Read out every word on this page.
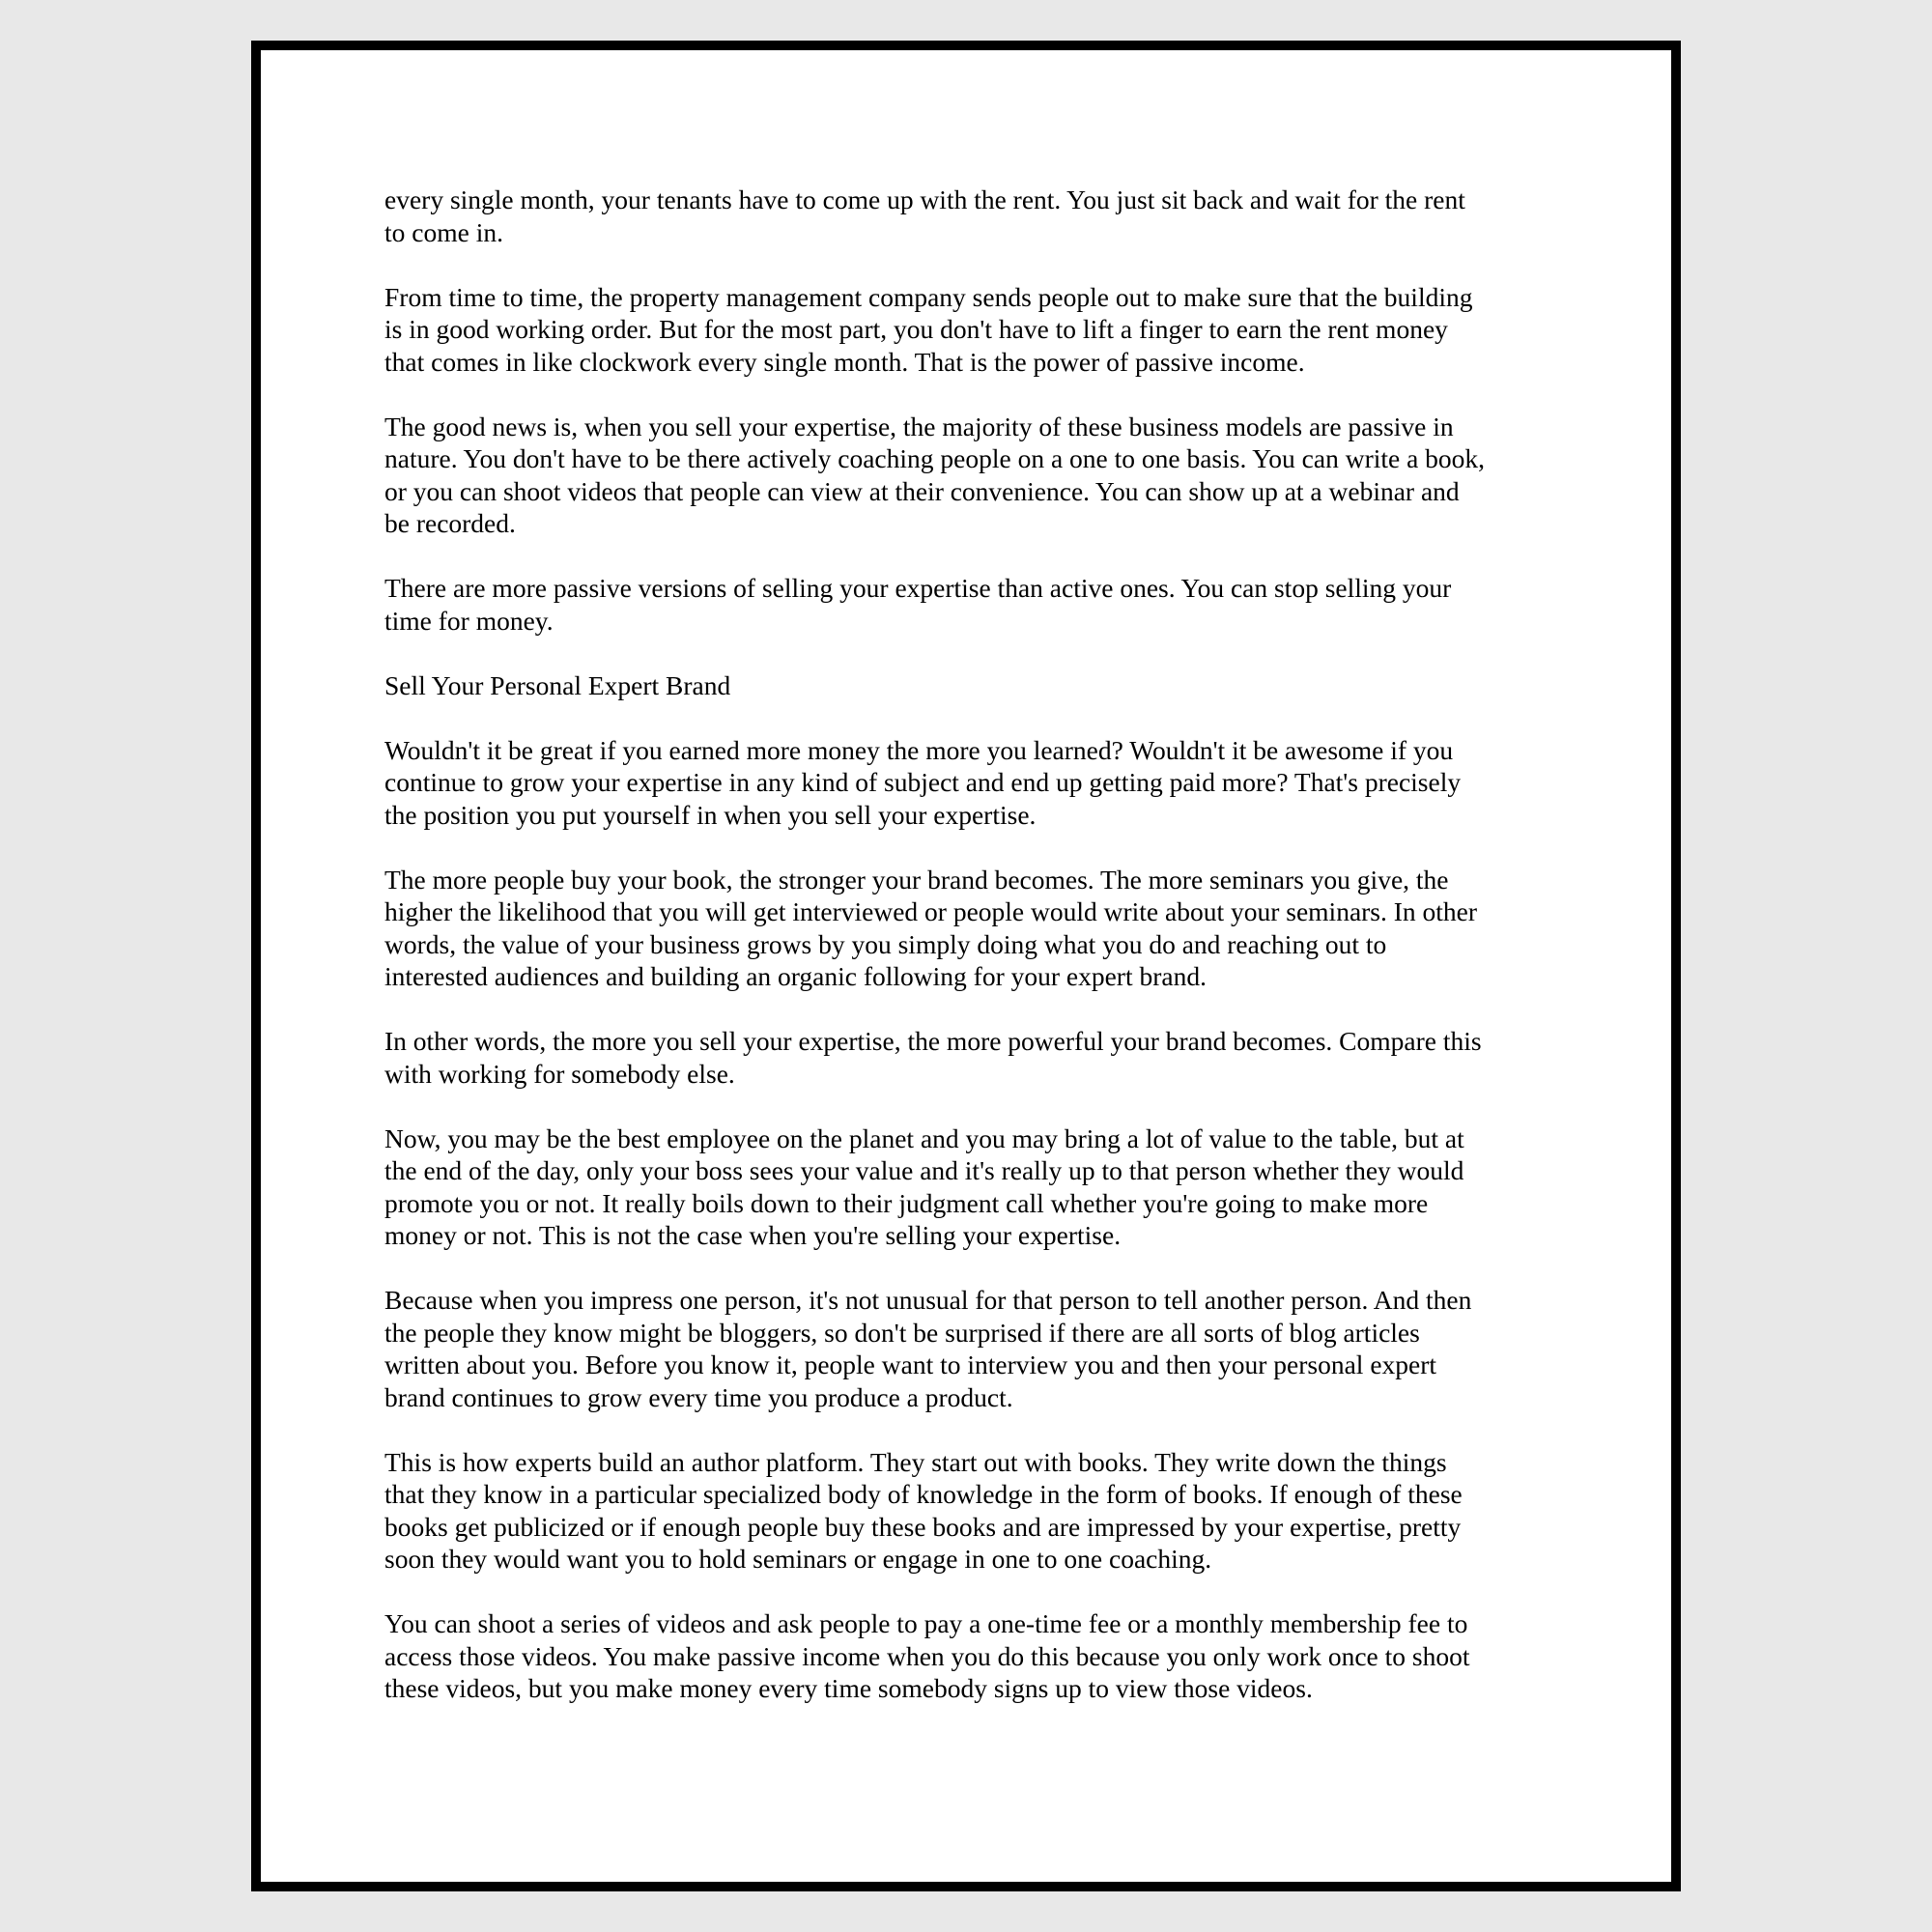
every single month, your tenants have to come up with the rent. You just sit back and wait for the rent
to come in.

From time to time, the property management company sends people out to make sure that the building
is in good working order. But for the most part, you don't have to lift a finger to earn the rent money
that comes in like clockwork every single month. That is the power of passive income.

The good news is, when you sell your expertise, the majority of these business models are passive in
nature. You don't have to be there actively coaching people on a one to one basis. You can write a book,
or you can shoot videos that people can view at their convenience. You can show up at a webinar and
be recorded.

There are more passive versions of selling your expertise than active ones. You can stop selling your
time for money.

Sell Your Personal Expert Brand

Wouldn't it be great if you earned more money the more you learned? Wouldn't it be awesome if you
continue to grow your expertise in any kind of subject and end up getting paid more? That's precisely
the position you put yourself in when you sell your expertise.

The more people buy your book, the stronger your brand becomes. The more seminars you give, the
higher the likelihood that you will get interviewed or people would write about your seminars. In other
words, the value of your business grows by you simply doing what you do and reaching out to
interested audiences and building an organic following for your expert brand.

In other words, the more you sell your expertise, the more powerful your brand becomes. Compare this
with working for somebody else.

Now, you may be the best employee on the planet and you may bring a lot of value to the table, but at
the end of the day, only your boss sees your value and it's really up to that person whether they would
promote you or not. It really boils down to their judgment call whether you're going to make more
money or not. This is not the case when you're selling your expertise.

Because when you impress one person, it's not unusual for that person to tell another person. And then
the people they know might be bloggers, so don't be surprised if there are all sorts of blog articles
written about you. Before you know it, people want to interview you and then your personal expert
brand continues to grow every time you produce a product.

This is how experts build an author platform. They start out with books. They write down the things
that they know in a particular specialized body of knowledge in the form of books. If enough of these
books get publicized or if enough people buy these books and are impressed by your expertise, pretty
soon they would want you to hold seminars or engage in one to one coaching.

You can shoot a series of videos and ask people to pay a one-time fee or a monthly membership fee to
access those videos. You make passive income when you do this because you only work once to shoot
these videos, but you make money every time somebody signs up to view those videos.
